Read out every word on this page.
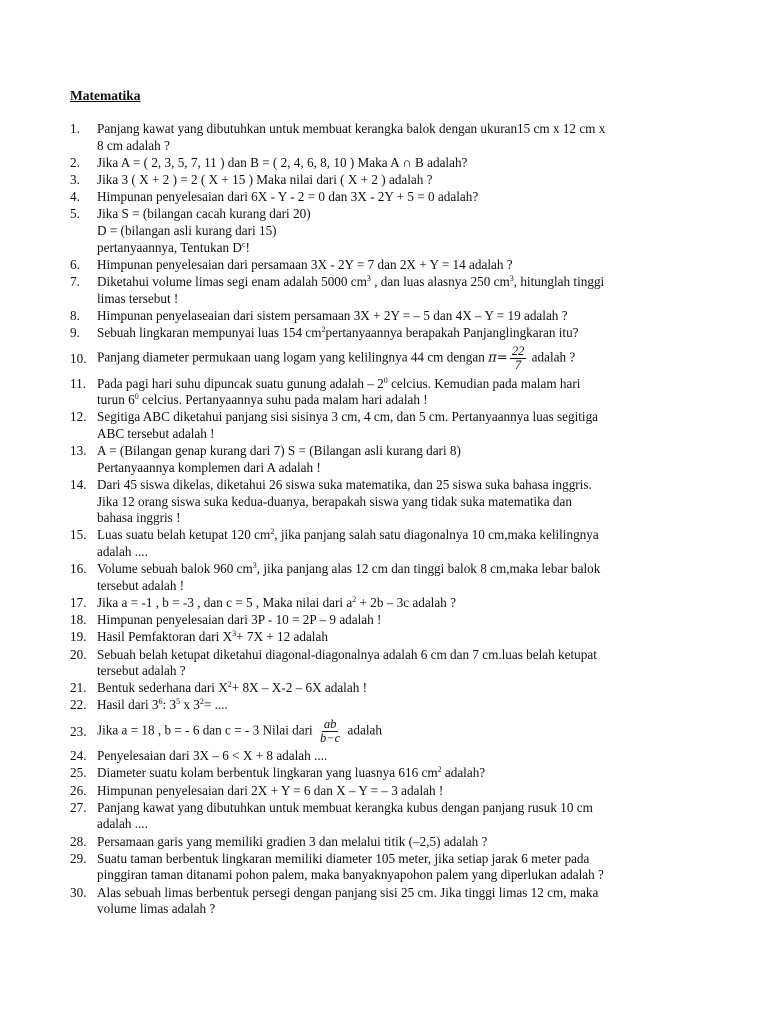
Matematika
1.	Panjang kawat yang dibutuhkan untuk membuat kerangka balok dengan ukuran15 cm x 12 cm x
8 cm adalah ?
2.	Jika A = ( 2, 3, 5, 7, 11 ) dan B = ( 2, 4, 6, 8, 10 ) Maka A ∩ B adalah?
3.	Jika 3 ( X + 2 ) = 2 ( X + 15 ) Maka nilai dari ( X + 2 ) adalah ?
4.	Himpunan penyelesaian dari 6X - Y - 2 = 0 dan 3X - 2Y + 5 = 0 adalah?
5.	Jika S = (bilangan cacah kurang dari 20)
D = (bilangan asli kurang dari 15)
pertanyaannya, Tentukan $D^c$!
6.	Himpunan penyelesaian dari persamaan 3X - 2Y = 7 dan 2X + Y = 14 adalah ?
7.	Diketahui volume limas segi enam adalah 5000 $cm^3$ , dan luas alasnya 250 $cm^3$, hitunglah tinggi
limas tersebut !
8.	Himpunan penyelaseaian dari sistem persamaan 3X + 2Y = – 5 dan 4X – Y = 19 adalah ?
9.	Sebuah lingkaran mempunyai luas 154 $cm^2pertanyaannya$ berapakah Panjanglingkaran itu?
10. Panjang diameter permukaan uang logam yang kelilingnya 44 cm dengan $\pi= \frac{22}{7}$ adalah ?
11. Pada pagi hari suhu dipuncak suatu gunung adalah – $2^0$ celcius. Kemudian pada malam hari
turun $6^0$ celcius. Pertanyaannya suhu pada malam hari adalah !
12. Segitiga ABC diketahui panjang sisi sisinya 3 cm, 4 cm, dan 5 cm. Pertanyaannya luas segitiga
ABC tersebut adalah !
13. A = (Bilangan genap kurang dari 7) S = (Bilangan asli kurang dari 8)
Pertanyaannya komplemen dari A adalah !
14. Dari 45 siswa dikelas, diketahui 26 siswa suka matematika, dan 25 siswa suka bahasa inggris.
Jika 12 orang siswa suka kedua-duanya, berapakah siswa yang tidak suka matematika dan
bahasa inggris !
15. Luas suatu belah ketupat 120 $cm^2$, jika panjang salah satu diagonalnya 10 cm,maka kelilingnya
adalah ....
16. Volume sebuah balok 960 $cm^3$, jika panjang alas 12 cm dan tinggi balok 8 cm,maka lebar balok
tersebut adalah !
17. Jika a = -1 , b = -3 , dan c = 5 , Maka nilai dari $a^2 + 2b - 3c$ adalah ?
18. Himpunan penyelesaian dari 3P - 10 = 2P – 9 adalah !
19. Hasil Pemfaktoran dari $X^3+ 7X + 12$ adalah
20. Sebuah belah ketupat diketahui diagonal-diagonalnya adalah 6 cm dan 7 cm.luas belah ketupat
tersebut adalah ?
21. Bentuk sederhana dari $X^2+ 8X - X-2 - 6X$ adalah !
22. Hasil dari $3^6$: $3^5$ x $3^2=$ ....
23. Jika a = 18 , b = - 6 dan c = - 3 Nilai dari $\frac{ab}{b-c}$ adalah
24. Penyelesaian dari 3X – 6 < X + 8 adalah ....
25. Diameter suatu kolam berbentuk lingkaran yang luasnya 616 $cm^2$ adalah?
26. Himpunan penyelesaian dari 2X + Y = 6 dan X – Y = – 3 adalah !
27. Panjang kawat yang dibutuhkan untuk membuat kerangka kubus dengan panjang rusuk 10 cm
adalah ....
28. Persamaan garis yang memiliki gradien 3 dan melalui titik (–2,5) adalah ?
29. Suatu taman berbentuk lingkaran memiliki diameter 105 meter, jika setiap jarak 6 meter pada
pinggiran taman ditanami pohon palem, maka banyaknyapohon palem yang diperlukan adalah ?
30. Alas sebuah limas berbentuk persegi dengan panjang sisi 25 cm. Jika tinggi limas 12 cm, maka
volume limas adalah ?
